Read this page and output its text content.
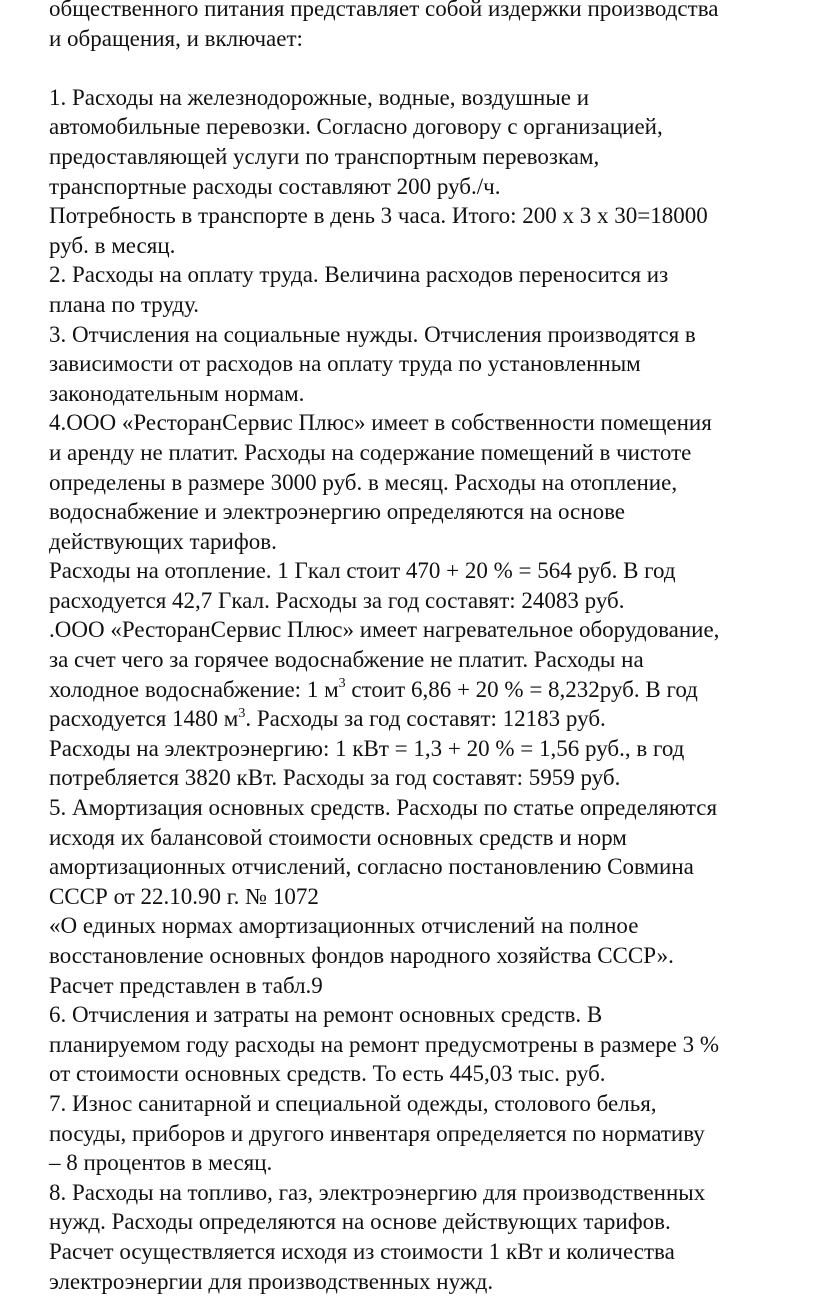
общественного питания представляет собой издержки производства
и обращения, и включает:

1. Расходы на железнодорожные, водные, воздушные и
автомобильные перевозки. Согласно договору с организацией,
предоставляющей услуги по транспортным перевозкам,
транспортные расходы составляют 200 руб./ч.
Потребность в транспорте в день 3 часа. Итого: 200 х 3 х 30=18000
руб. в месяц.

2. Расходы на оплату труда. Величина расходов переносится из
плана по труду.

3. Отчисления на социальные нужды. Отчисления производятся в
зависимости от расходов на оплату труда по установленным
законодательным нормам.

4.ООО «РесторанСервис Плюс» имеет в собственности помещения
и аренду не платит. Расходы на содержание помещений в чистоте
определены в размере 3000 руб. в месяц. Расходы на отопление,
водоснабжение и электроэнергию определяются на основе
действующих тарифов.
Расходы на отопление. 1 Гкал стоит 470 + 20 % = 564 руб. В год
расходуется 42,7 Гкал. Расходы за год составят: 24083 руб.
.ООО «РесторанСервис Плюс» имеет нагревательное оборудование,
за счет чего за горячее водоснабжение не платит. Расходы на
холодное водоснабжение: 1 $м^3$ стоит 6,86 + 20 % = 8,232руб. В год
расходуется 1480 $м^3$. Расходы за год составят: 12183 руб.
Расходы на электроэнергию: 1 кВт = 1,3 + 20 % = 1,56 руб., в год
потребляется 3820 кВт. Расходы за год составят: 5959 руб.

5. Амортизация основных средств. Расходы по статье определяются
исходя их балансовой стоимости основных средств и норм
амортизационных отчислений, согласно постановлению Совмина
СССР от 22.10.90 г. № 1072
«О единых нормах амортизационных отчислений на полное
восстановление основных фондов народного хозяйства СССР».
Расчет представлен в табл.9

6. Отчисления и затраты на ремонт основных средств. В
планируемом году расходы на ремонт предусмотрены в размере 3 %
от стоимости основных средств. То есть 445,03 тыс. руб.

7. Износ санитарной и специальной одежды, столового белья,
посуды, приборов и другого инвентаря определяется по нормативу
– 8 процентов в месяц.

8. Расходы на топливо, газ, электроэнергию для производственных
нужд. Расходы определяются на основе действующих тарифов.
Расчет осуществляется исходя из стоимости 1 кВт и количества
электроэнергии для производственных нужд.
